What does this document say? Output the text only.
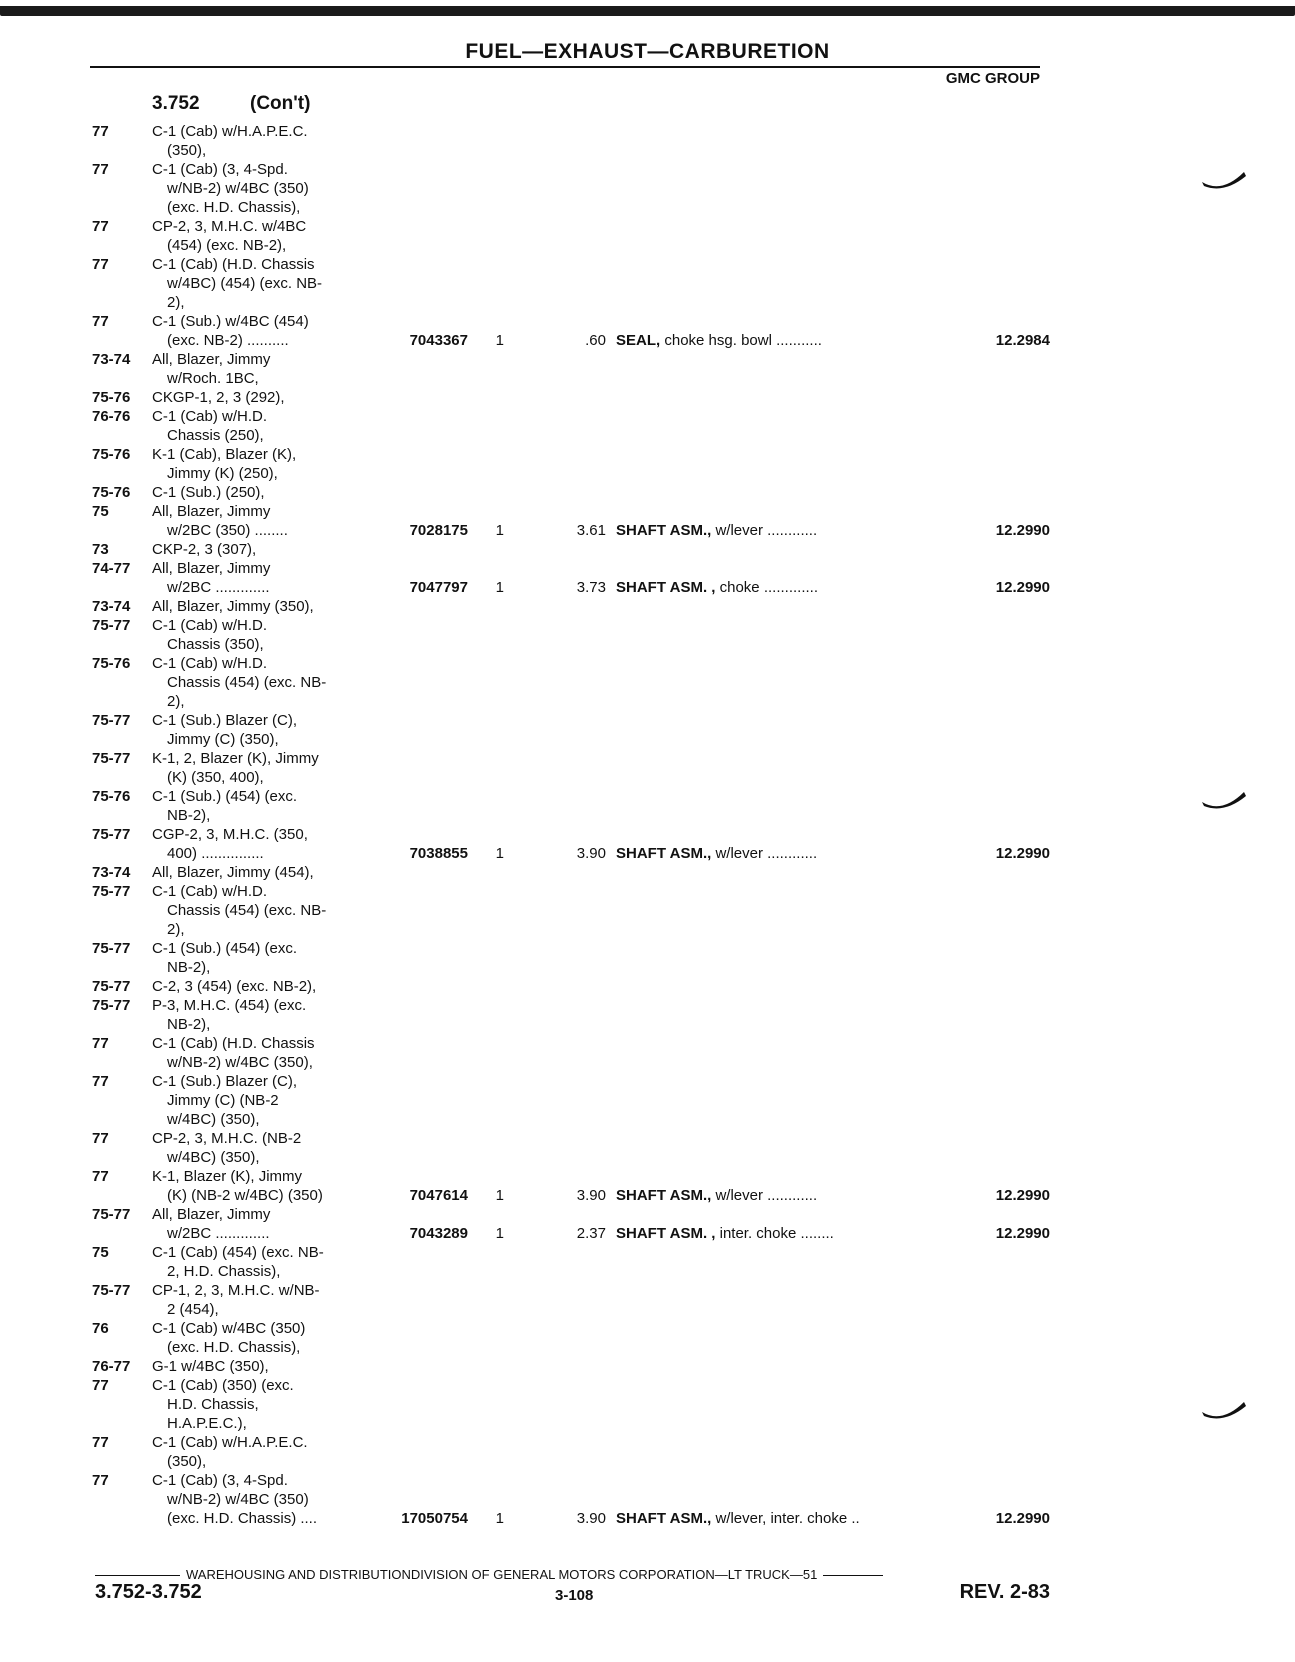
FUEL—EXHAUST—CARBURETION
GMC GROUP
3.752	(Con't)
77	C-1 (Cab) w/H.A.P.E.C.
(350),
77	C-1 (Cab) (3, 4-Spd.
w/NB-2) w/4BC (350)
(exc. H.D. Chassis),
77	CP-2, 3, M.H.C. w/4BC
(454) (exc. NB-2),
77	C-1 (Cab) (H.D. Chassis
w/4BC) (454) (exc. NB-
2),
77	C-1 (Sub.) w/4BC (454)
(exc. NB-2) ..........	7043367	1	.60 SEAL, choke hsg. bowl ...........	12.2984
73-74	All, Blazer, Jimmy
w/Roch. 1BC,
75-76	CKGP-1, 2, 3 (292),
76-76	C-1 (Cab) w/H.D.
Chassis (250),
75-76	K-1 (Cab), Blazer (K),
Jimmy (K) (250),
75-76	C-1 (Sub.) (250),
75	All, Blazer, Jimmy
w/2BC (350) ........	7028175	1	3.61 SHAFT ASM., w/lever ............	12.2990
73	CKP-2, 3 (307),
74-77	All, Blazer, Jimmy
w/2BC .............	7047797	1	3.73 SHAFT ASM. , choke .............	12.2990
73-74	All, Blazer, Jimmy (350),
75-77	C-1 (Cab) w/H.D.
Chassis (350),
75-76	C-1 (Cab) w/H.D.
Chassis (454) (exc. NB-
2),
75-77	C-1 (Sub.) Blazer (C),
Jimmy (C) (350),
75-77	K-1, 2, Blazer (K), Jimmy
(K) (350, 400),
75-76	C-1 (Sub.) (454) (exc.
NB-2),
75-77	CGP-2, 3, M.H.C. (350,
400) ...............	7038855	1	3.90 SHAFT ASM., w/lever ............	12.2990
73-74	All, Blazer, Jimmy (454),
75-77	C-1 (Cab) w/H.D.
Chassis (454) (exc. NB-
2),
75-77	C-1 (Sub.) (454) (exc.
NB-2),
75-77	C-2, 3 (454) (exc. NB-2),
75-77	P-3, M.H.C. (454) (exc.
NB-2),
77	C-1 (Cab) (H.D. Chassis
w/NB-2) w/4BC (350),
77	C-1 (Sub.) Blazer (C),
Jimmy (C) (NB-2
w/4BC) (350),
77	CP-2, 3, M.H.C. (NB-2
w/4BC) (350),
77	K-1, Blazer (K), Jimmy
(K) (NB-2 w/4BC) (350)	7047614	1	3.90 SHAFT ASM., w/lever ............	12.2990
75-77	All, Blazer, Jimmy
w/2BC .............	7043289	1	2.37 SHAFT ASM. , inter. choke ........	12.2990
75	C-1 (Cab) (454) (exc. NB-
2, H.D. Chassis),
75-77	CP-1, 2, 3, M.H.C. w/NB-
2 (454),
76	C-1 (Cab) w/4BC (350)
(exc. H.D. Chassis),
76-77	G-1 w/4BC (350),
77	C-1 (Cab) (350) (exc.
H.D. Chassis,
H.A.P.E.C.),
77	C-1 (Cab) w/H.A.P.E.C.
(350),
77	C-1 (Cab) (3, 4-Spd.
w/NB-2) w/4BC (350)
(exc. H.D. Chassis) ....	17050754	1	3.90 SHAFT ASM., w/lever, inter. choke ..	12.2990
WAREHOUSING AND DISTRIBUTIONDIVISION OF GENERAL MOTORS CORPORATION—LT TRUCK—51
3.752-3.752	3-108	REV. 2-83
